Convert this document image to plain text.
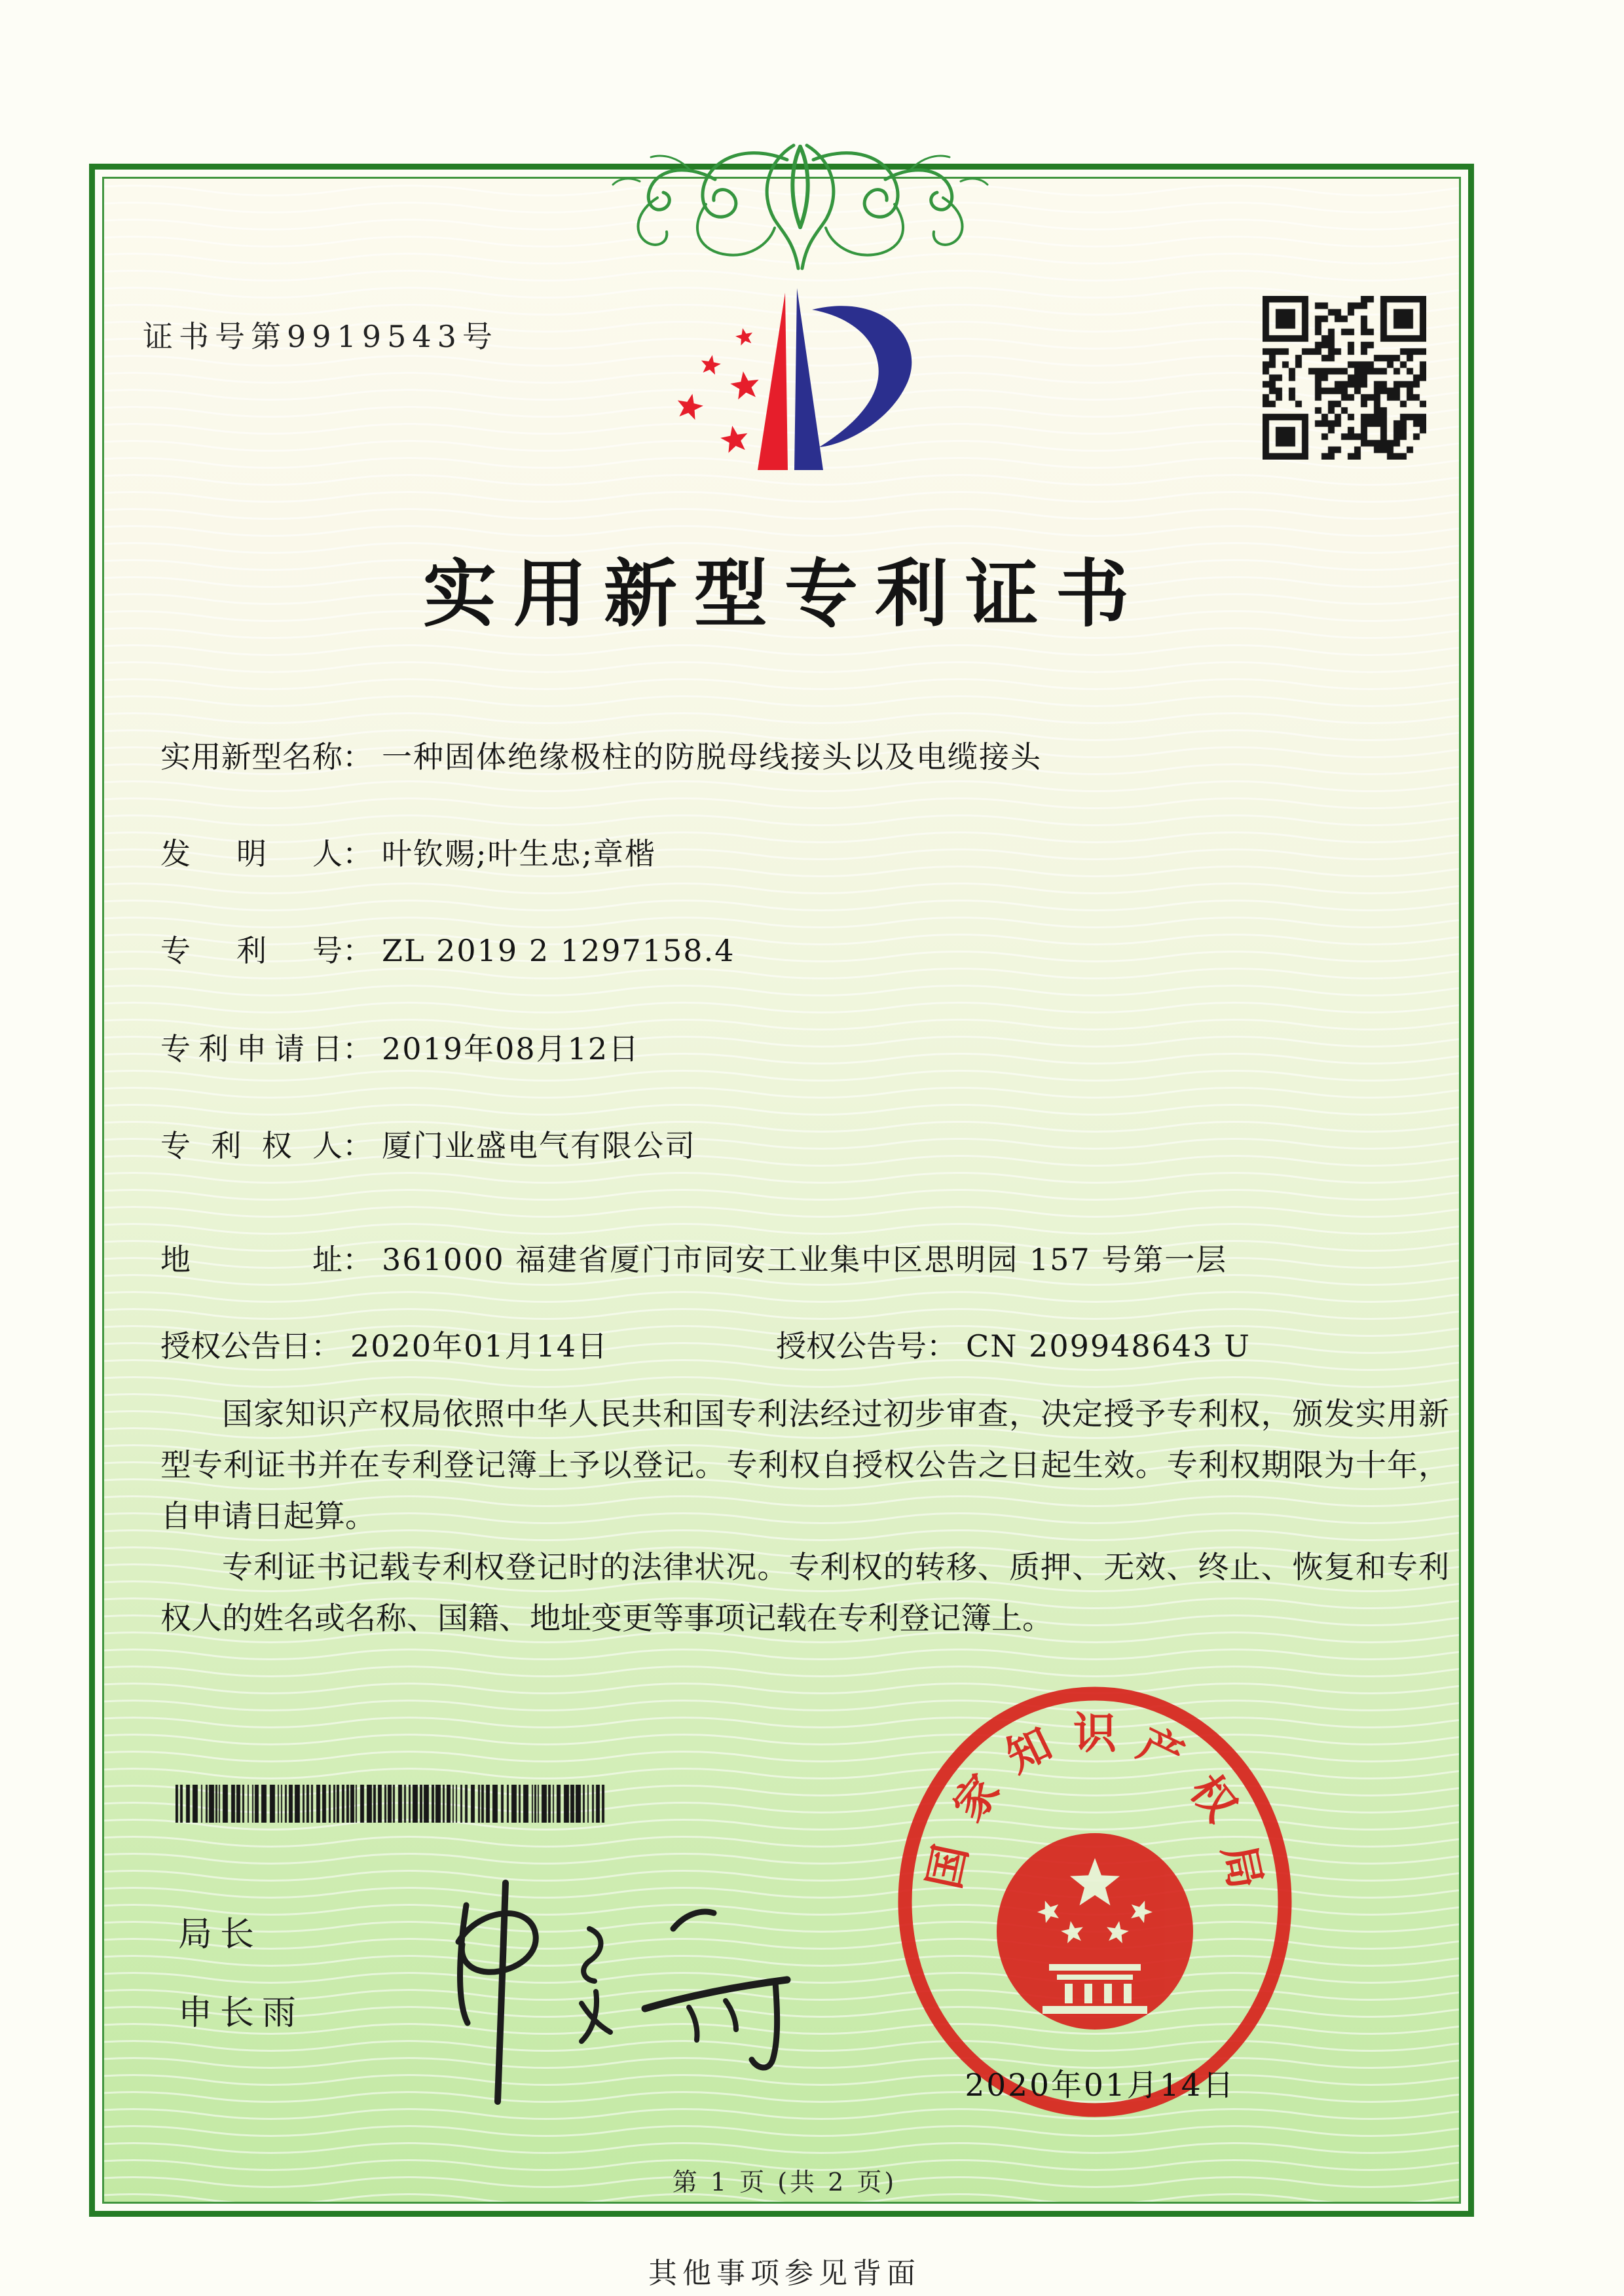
证书号第9919543号
实用新型专利证书
实用新型名称： 一种固体绝缘极柱的防脱母线接头以及电缆接头
发明人： 叶钦赐;叶生忠;章楷
专利号： ZL 2019 2 1297158.4
专利申请日： 2019年08月12日
专利权人： 厦门业盛电气有限公司
地址： 361000 福建省厦门市同安工业集中区思明园 157 号第一层
授权公告日： 2020年01月14日	授权公告号： CN 209948643 U

国家知识产权局依照中华人民共和国专利法经过初步审查，决定授予专利权，颁发实用新型专利证书并在专利登记簿上予以登记。专利权自授权公告之日起生效。专利权期限为十年，自申请日起算。

专利证书记载专利权登记时的法律状况。专利权的转移、质押、无效、终止、恢复和专利权人的姓名或名称、国籍、地址变更等事项记载在专利登记簿上。

局长
申长雨
国
家
知 识 产
权
局
2020年01月14日
第 1 页 (共 2 页)
其他事项参见背面
